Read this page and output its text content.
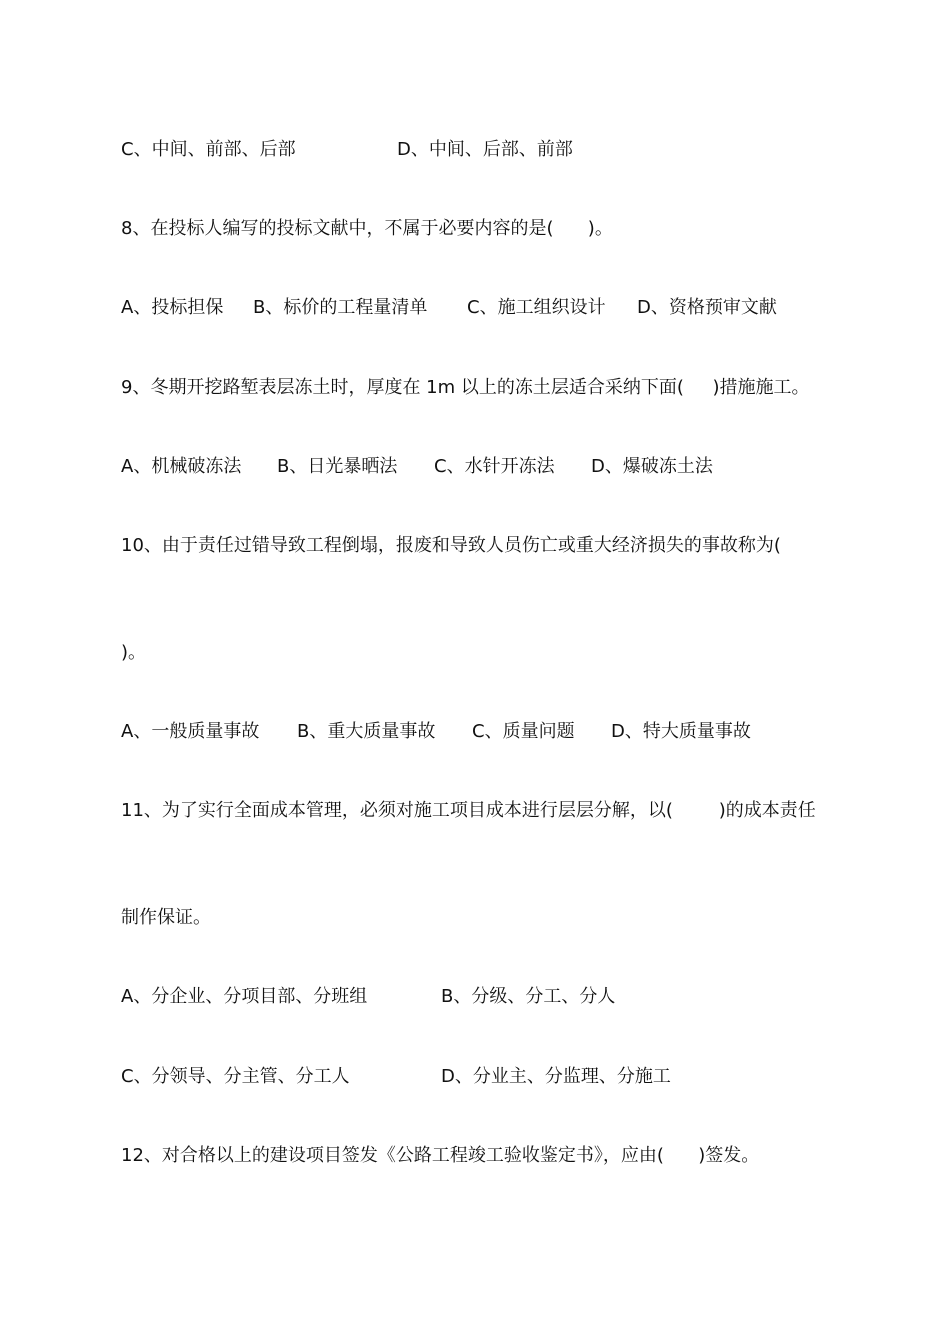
C、中间、前部、后部	D、中间、后部、前部

8、在投标人编写的投标文献中，不属于必要内容的是(      )。

A、投标担保 B、标价的工程量清单 C、施工组织设计 D、资格预审文献

9、冬期开挖路堑表层冻土时，厚度在 1m 以上的冻土层适合采纳下面(     )措施施工。

A、机械破冻法 B、日光暴晒法 C、水针开冻法 D、爆破冻土法

10、由于责任过错导致工程倒塌，报废和导致人员伤亡或重大经济损失的事故称为(

)。

A、一般质量事故 B、重大质量事故 C、质量问题 D、特大质量事故

11、为了实行全面成本管理，必须对施工项目成本进行层层分解，以(        )的成本责任

制作保证。

A、分企业、分项目部、分班组	B、分级、分工、分人
C、分领导、分主管、分工人	D、分业主、分监理、分施工

12、对合格以上的建设项目签发《公路工程竣工验收鉴定书》，应由(      )签发。
